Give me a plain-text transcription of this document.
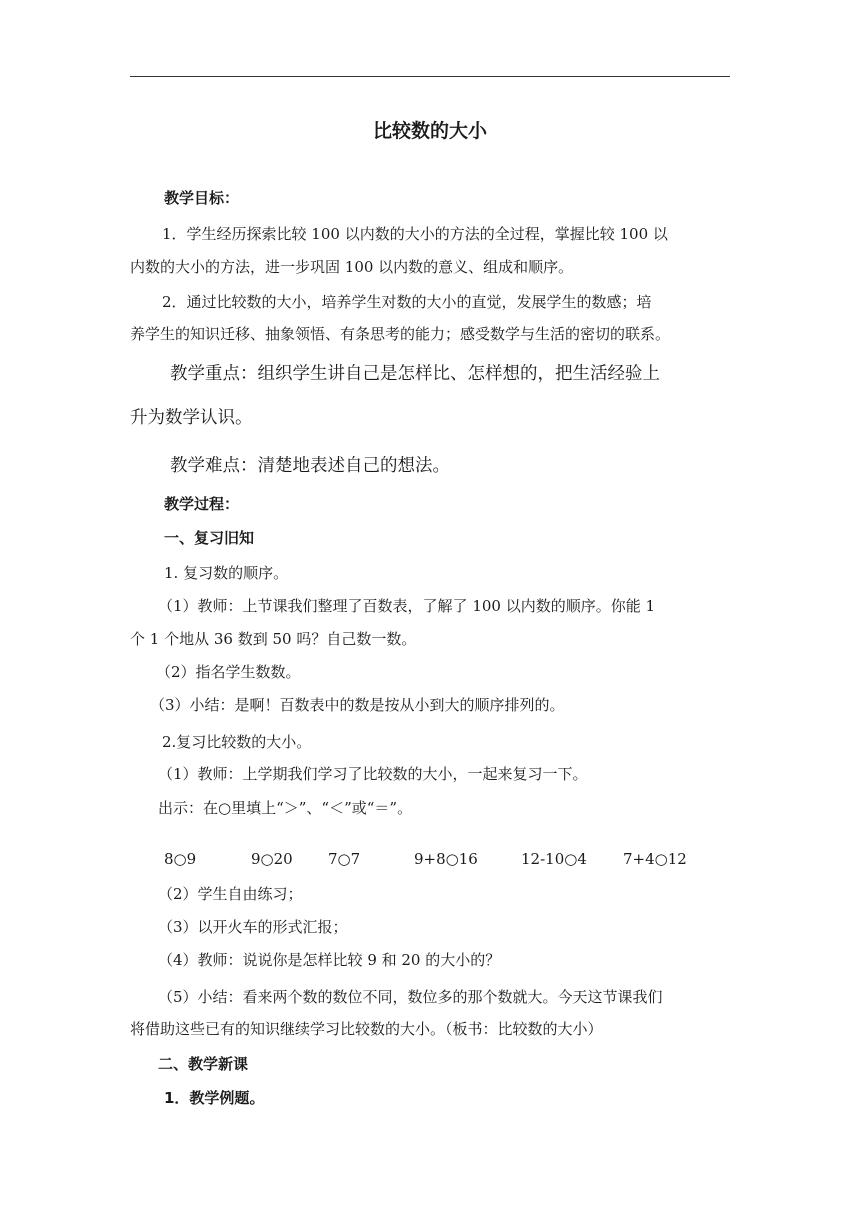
比较数的大小
教学目标：
1．学生经历探索比较 100 以内数的大小的方法的全过程，掌握比较 100 以
内数的大小的方法，进一步巩固 100 以内数的意义、组成和顺序。
2．通过比较数的大小，培养学生对数的大小的直觉，发展学生的数感；培
养学生的知识迁移、抽象领悟、有条思考的能力；感受数学与生活的密切的联系。
教学重点：组织学生讲自己是怎样比、怎样想的，把生活经验上
升为数学认识。
教学难点：清楚地表述自己的想法。
教学过程：
一、复习旧知
1. 复习数的顺序。
（1）教师：上节课我们整理了百数表，了解了 100 以内数的顺序。你能 1
个 1 个地从 36 数到 50 吗？自己数一数。
（2）指名学生数数。
（3）小结：是啊！百数表中的数是按从小到大的顺序排列的。
2.复习比较数的大小。
（1）教师：上学期我们学习了比较数的大小，一起来复习一下。
出示：在○里填上“＞”、“＜”或“＝”。
8○9	9○20 7○7	9+8○16	12-10○4 7+4○12
（2）学生自由练习；
（3）以开火车的形式汇报；
（4）教师：说说你是怎样比较 9 和 20 的大小的？
（5）小结：看来两个数的数位不同，数位多的那个数就大。今天这节课我们
将借助这些已有的知识继续学习比较数的大小。（板书：比较数的大小）
二、教学新课
1．教学例题。
